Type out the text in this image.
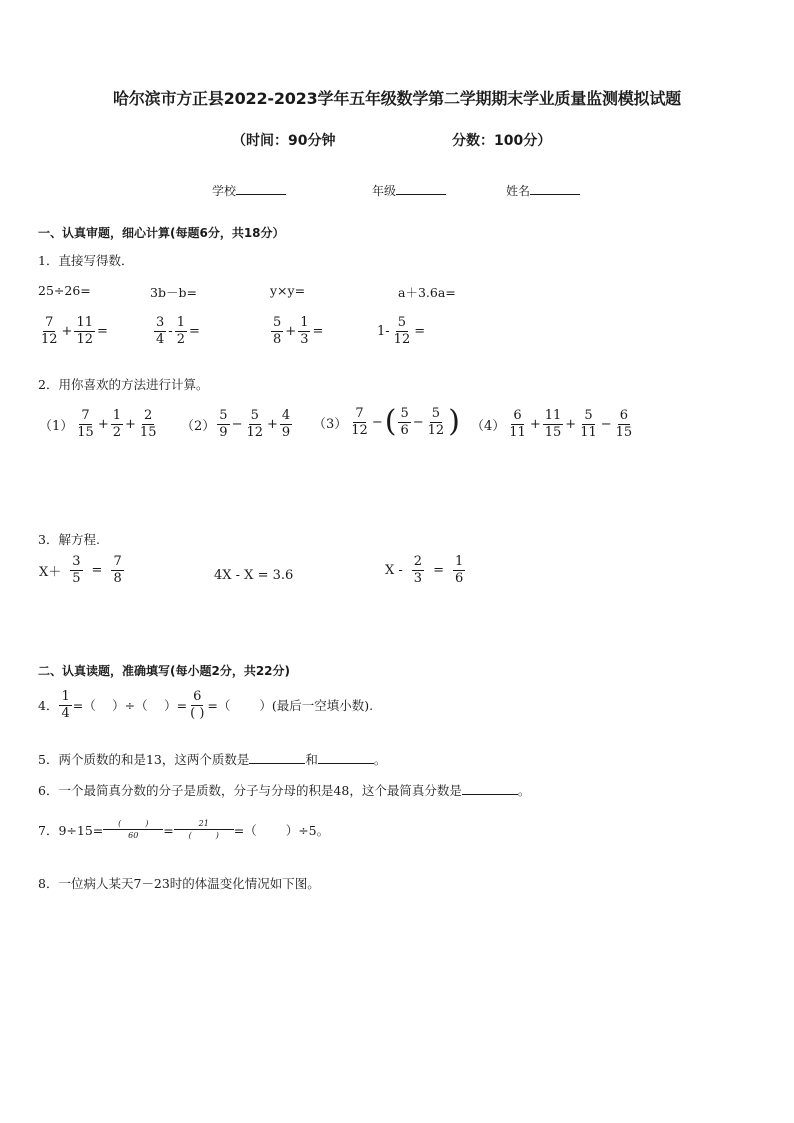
哈尔滨市方正县2022-2023学年五年级数学第二学期期末学业质量监测模拟试题
（时间：90分钟	分数：100分）
学校	年级	姓名
一、认真审题，细心计算(每题6分，共18分）
1．直接写得数．
25÷26=	3b－b=	y×y=	a＋3.6a=
$\frac{7}{12} + \frac{11}{12}$ =	$\frac{3}{4} - \frac{1}{2}$ =	$\frac{5}{8} + \frac{1}{3}$ =	$1- \frac{5}{12}$ =
2．用你喜欢的方法进行计算。
$(1) \frac{7}{15} + \frac{1}{2} + \frac{2}{15} (2) \frac{5}{9} - \frac{5}{12} + \frac{4}{9} (3) \frac{7}{12}$ − ( $\frac{5}{6} - \frac{5}{12}$ ) $(4) \frac{6}{11} + \frac{11}{15} + \frac{5}{11} - \frac{6}{15}$
3．解方程.
$X+ \frac{3}{5} = \frac{7}{8}$	4X - X = 3.6	$X - \frac{2}{3} = \frac{1}{6}$
二、认真读题，准确填写(每小题2分，共22分)
4． $\frac{1}{4}$ =（　 ）÷（　 ）= $\frac{6}{( )}$ =（　　 ）(最后一空填小数).
5．两个质数的和是13，这两个质数是	和	。
6．一个最简真分数的分子是质数，分子与分母的积是48，这个最简真分数是	。
7．9÷15=	(　　　)
60	=	21
(　　　)	=（　　 ）÷5。
8．一位病人某天7－23时的体温变化情况如下图。
